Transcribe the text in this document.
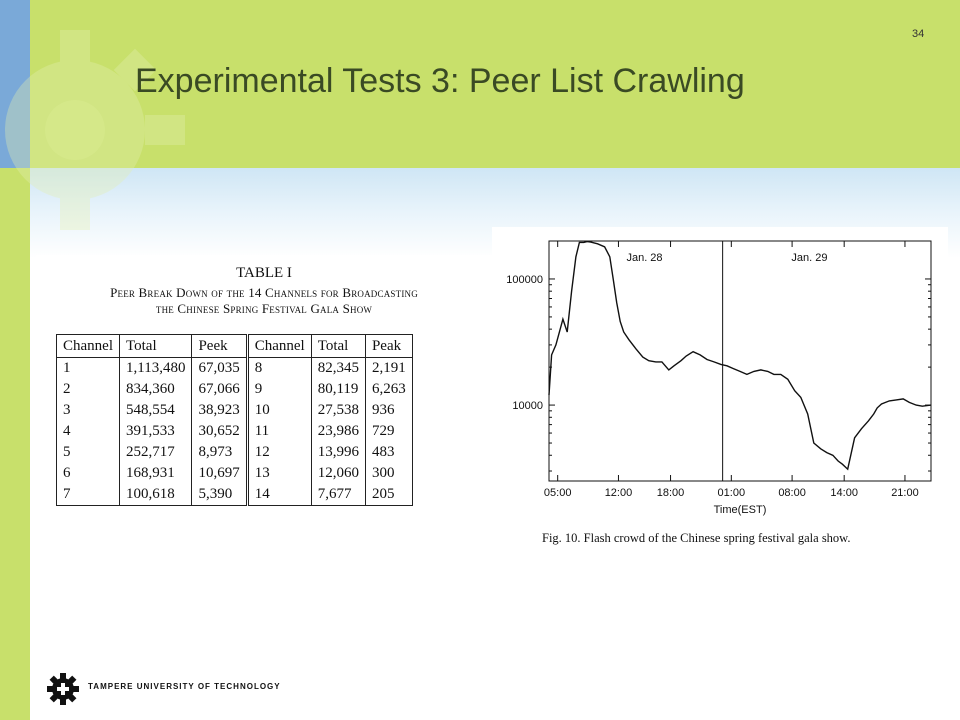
34
Experimental Tests 3: Peer List Crawling
TABLE I
Peer Break Down of the 14 Channels for Broadcasting
the Chinese Spring Festival Gala Show
Channel	Total	Peek	Channel	Total	Peak
1	1,113,480	67,035	8	82,345	2,191
2	834,360	67,066	9	80,119	6,263
3	548,554	38,923	10	27,538	936
4	391,533	30,652	11	23,986	729
5	252,717	8,973	12	13,996	483
6	168,931	10,697	13	12,060	300
7	100,618	5,390	14	7,677	205
100000
10000
05:00	12:00 18:00	01:00	08:00 14:00	21:00
Time(EST)
Jan. 28	Jan. 29
Fig. 10. Flash crowd of the Chinese spring festival gala show.
TAMPERE UNIVERSITY OF TECHNOLOGY
